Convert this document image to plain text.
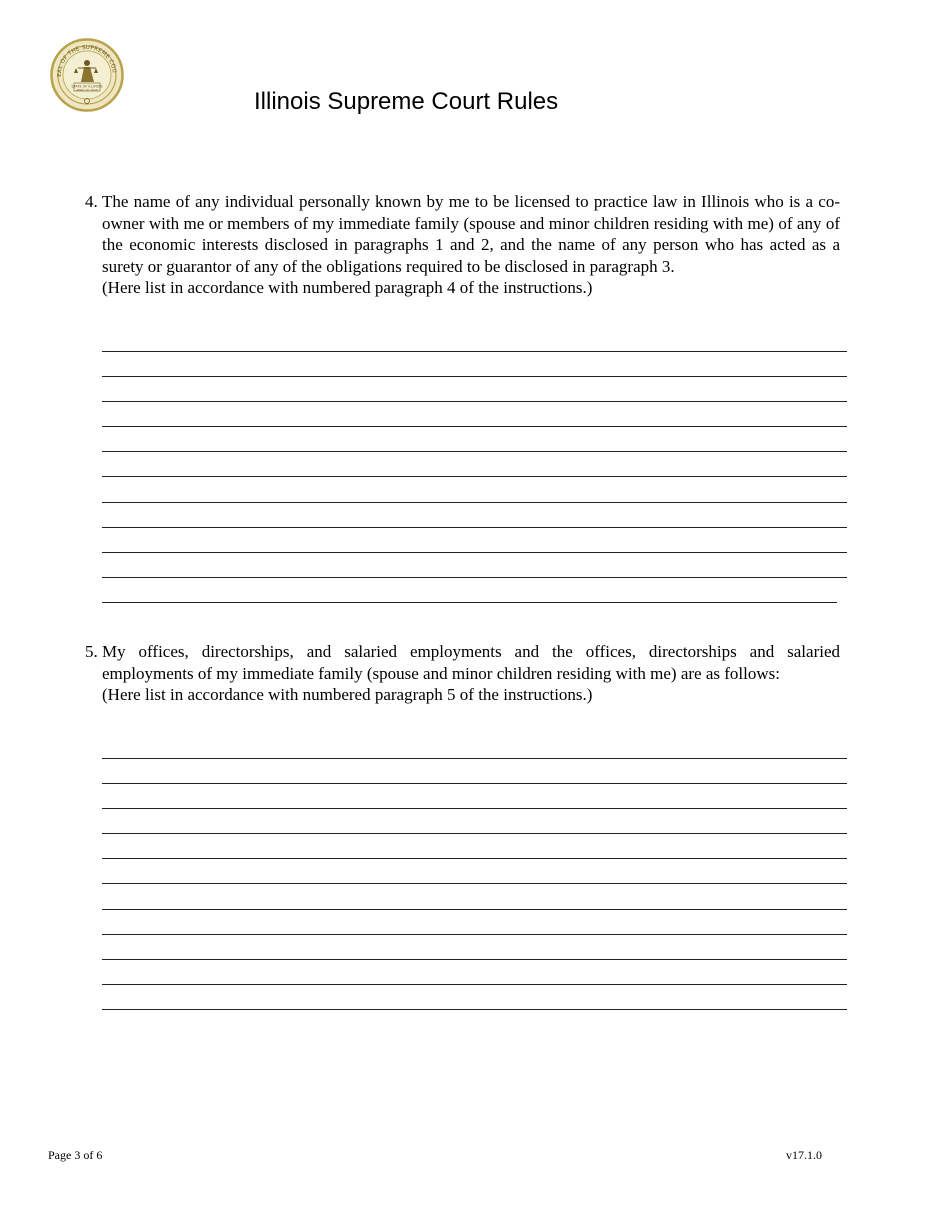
EAL OF THE SUPREME COU
STATE OF ILLINOIS
APRIL 18, 1818	Illinois Supreme Court Rules
4. The name of any individual personally known by me to be licensed to practice law in Illinois who is a co-owner with me or members of my immediate family (spouse and minor children residing with me) of any of the economic interests disclosed in paragraphs 1 and 2, and the name of any person who has acted as a surety or guarantor of any of the obligations required to be disclosed in paragraph 3.
(Here list in accordance with numbered paragraph 4 of the instructions.)
5. My offices, directorships, and salaried employments and the offices, directorships and salaried employments of my immediate family (spouse and minor children residing with me) are as follows:
(Here list in accordance with numbered paragraph 5 of the instructions.)
Page 3 of 6	v17.1.0
